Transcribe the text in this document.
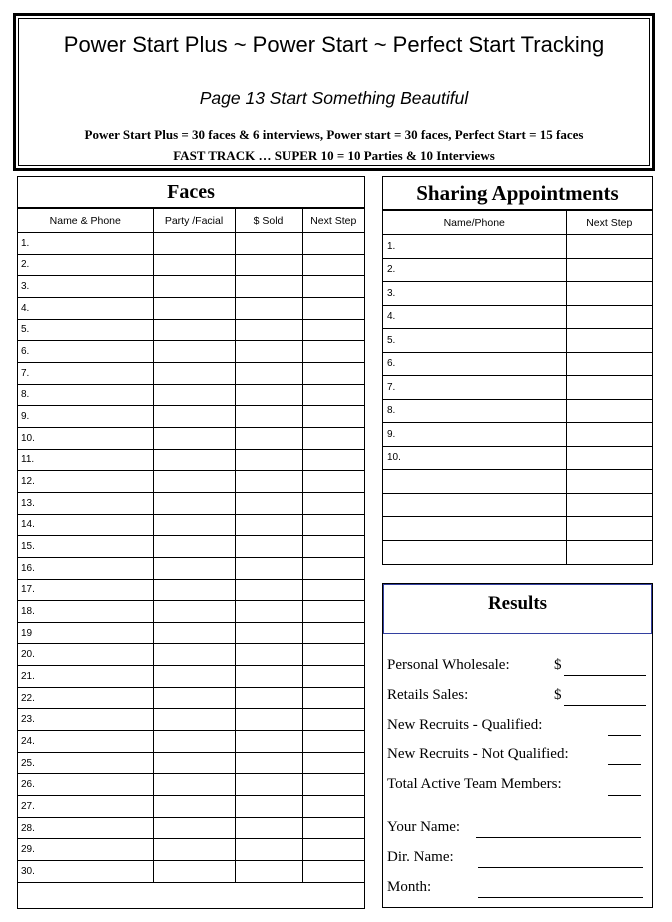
Power Start Plus ~ Power Start ~ Perfect Start Tracking
Page 13 Start Something Beautiful
Power Start Plus = 30 faces & 6 interviews, Power start = 30 faces, Perfect Start = 15 faces
FAST TRACK … SUPER 10 = 10 Parties & 10 Interviews
Faces
Name & Phone	Party /Facial	$ Sold	Next Step
1.			
2.			
3.			
4.			
5.			
6.			
7.			
8.			
9.			
10.			
11.			
12.			
13.			
14.			
15.			
16.			
17.			
18.			
19			
20.			
21.			
22.			
23.			
24.			
25.			
26.			
27.			
28.			
29.			
30.			
Sharing Appointments
Name/Phone	Next Step
1.	
2.	
3.	
4.	
5.	
6.	
7.	
8.	
9.	
10.	

Results
Personal Wholesale:	$
Retails Sales:	$
New Recruits - Qualified:
New Recruits - Not Qualified:
Total Active Team Members:
Your Name:
Dir. Name:
Month:
